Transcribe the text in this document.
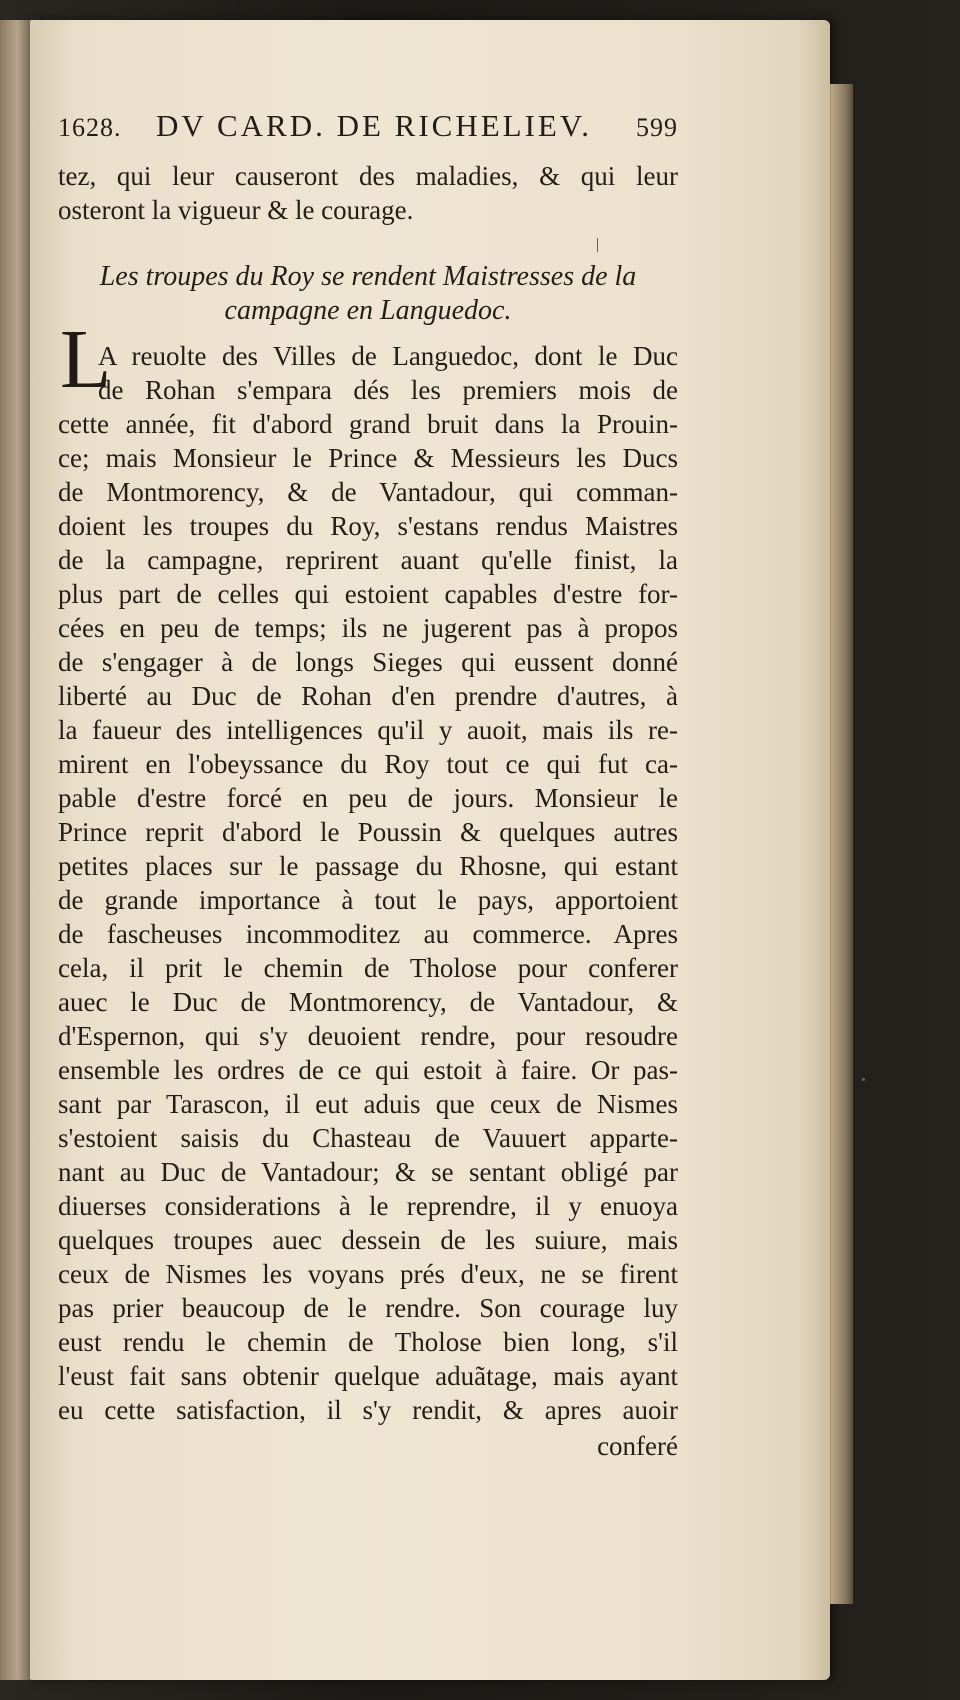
1628.	DV CARD. DE RICHELIEV.	599
tez, qui leur causeront des maladies, & qui leur
osteront la vigueur & le courage.
Les troupes du Roy se rendent Maistresses de la
campagne en Languedoc.
L
A reuolte des Villes de Languedoc, dont le Duc
de Rohan s'empara dés les premiers mois de
cette année, fit d'abord grand bruit dans la Prouin-
ce; mais Monsieur le Prince & Messieurs les Ducs
de Montmorency, & de Vantadour, qui comman-
doient les troupes du Roy, s'estans rendus Maistres
de la campagne, reprirent auant qu'elle finist, la
plus part de celles qui estoient capables d'estre for-
cées en peu de temps; ils ne jugerent pas à propos
de s'engager à de longs Sieges qui eussent donné
liberté au Duc de Rohan d'en prendre d'autres, à
la faueur des intelligences qu'il y auoit, mais ils re-
mirent en l'obeyssance du Roy tout ce qui fut ca-
pable d'estre forcé en peu de jours. Monsieur le
Prince reprit d'abord le Poussin & quelques autres
petites places sur le passage du Rhosne, qui estant
de grande importance à tout le pays, apportoient
de fascheuses incommoditez au commerce. Apres
cela, il prit le chemin de Tholose pour conferer
auec le Duc de Montmorency, de Vantadour, &
d'Espernon, qui s'y deuoient rendre, pour resoudre
ensemble les ordres de ce qui estoit à faire. Or pas-
sant par Tarascon, il eut aduis que ceux de Nismes
s'estoient saisis du Chasteau de Vauuert apparte-
nant au Duc de Vantadour; & se sentant obligé par
diuerses considerations à le reprendre, il y enuoya
quelques troupes auec dessein de les suiure, mais
ceux de Nismes les voyans prés d'eux, ne se firent
pas prier beaucoup de le rendre. Son courage luy
eust rendu le chemin de Tholose bien long, s'il
l'eust fait sans obtenir quelque aduãtage, mais ayant
eu cette satisfaction, il s'y rendit, & apres auoir
conferé
